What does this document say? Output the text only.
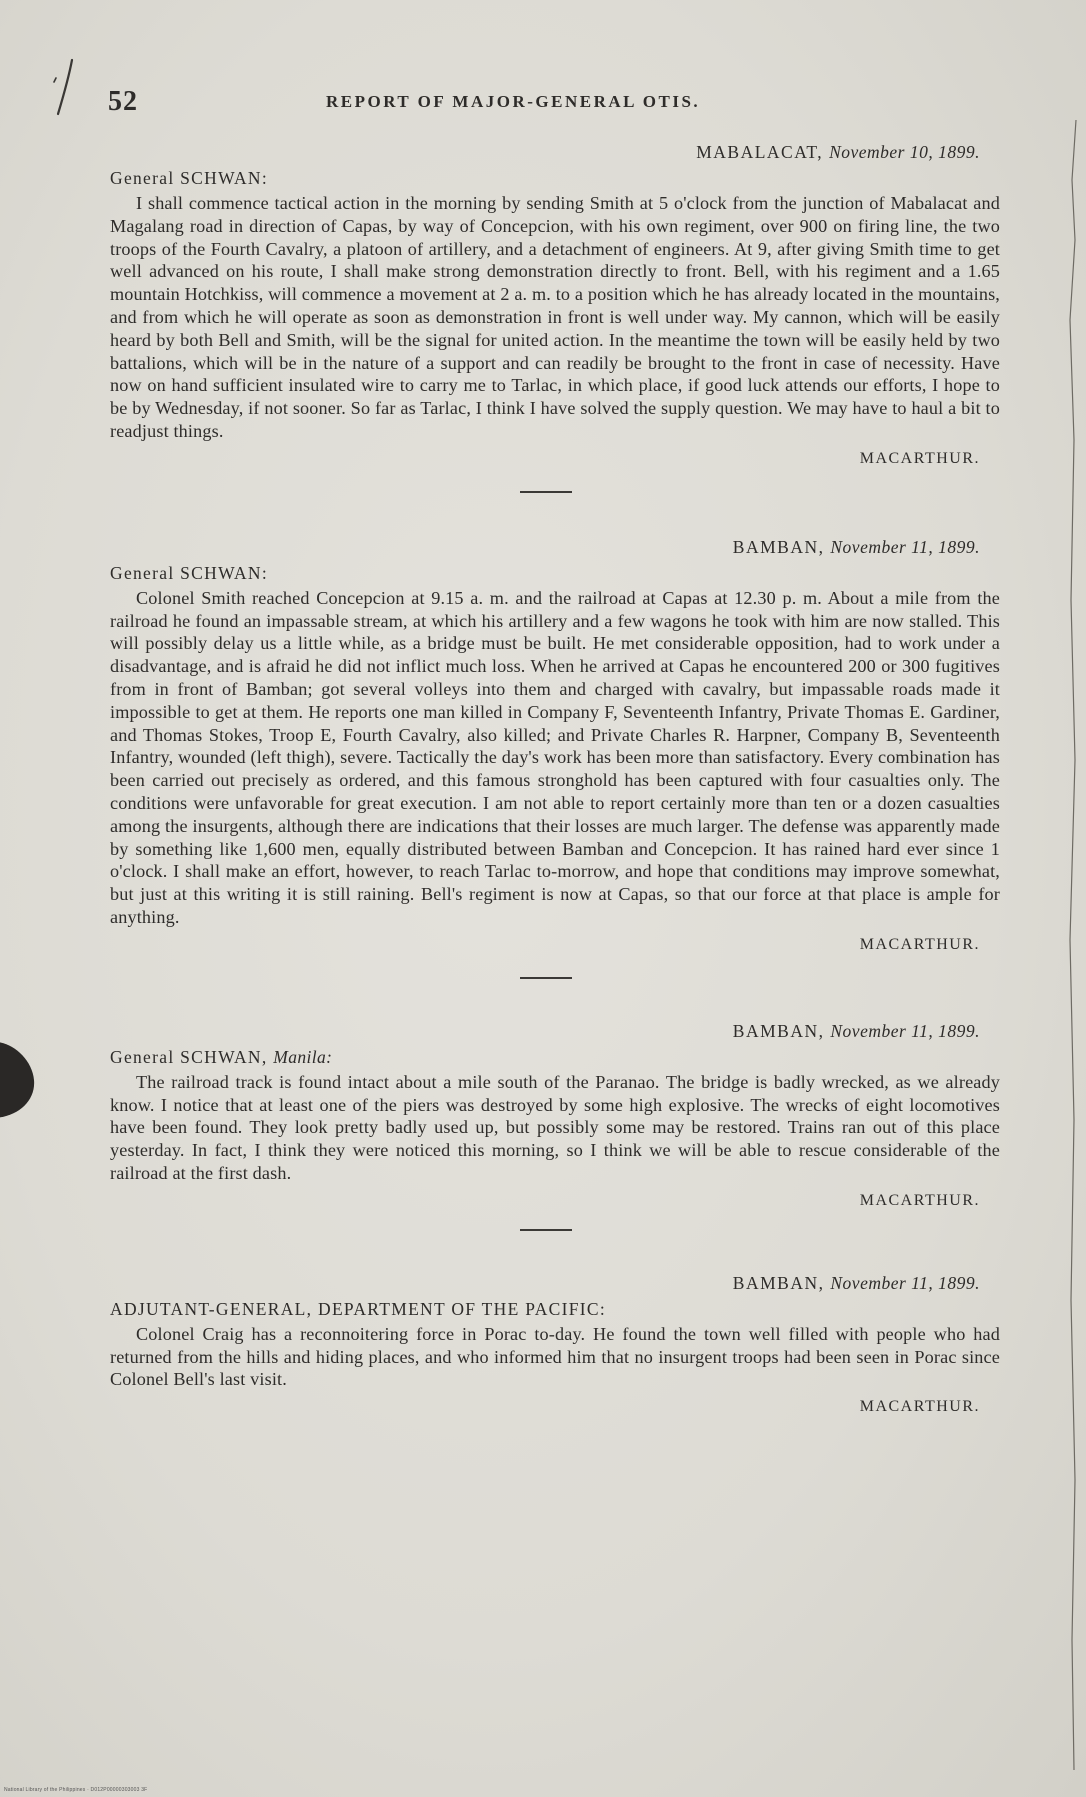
52	REPORT OF MAJOR-GENERAL OTIS.
MABALACAT, November 10, 1899.
General SCHWAN:

I shall commence tactical action in the morning by sending Smith at 5 o'clock from the junction of Mabalacat and Magalang road in direction of Capas, by way of Concepcion, with his own regiment, over 900 on firing line, the two troops of the Fourth Cavalry, a platoon of artillery, and a detachment of engineers. At 9, after giving Smith time to get well advanced on his route, I shall make strong demonstration directly to front. Bell, with his regiment and a 1.65 mountain Hotchkiss, will commence a movement at 2 a. m. to a position which he has already located in the mountains, and from which he will operate as soon as demonstration in front is well under way. My cannon, which will be easily heard by both Bell and Smith, will be the signal for united action. In the meantime the town will be easily held by two battalions, which will be in the nature of a support and can readily be brought to the front in case of necessity. Have now on hand sufficient insulated wire to carry me to Tarlac, in which place, if good luck attends our efforts, I hope to be by Wednesday, if not sooner. So far as Tarlac, I think I have solved the supply question. We may have to haul a bit to readjust things.

MACARTHUR.
BAMBAN, November 11, 1899.
General SCHWAN:

Colonel Smith reached Concepcion at 9.15 a. m. and the railroad at Capas at 12.30 p. m. About a mile from the railroad he found an impassable stream, at which his artillery and a few wagons he took with him are now stalled. This will possibly delay us a little while, as a bridge must be built. He met considerable opposition, had to work under a disadvantage, and is afraid he did not inflict much loss. When he arrived at Capas he encountered 200 or 300 fugitives from in front of Bamban; got several volleys into them and charged with cavalry, but impassable roads made it impossible to get at them. He reports one man killed in Company F, Seventeenth Infantry, Private Thomas E. Gardiner, and Thomas Stokes, Troop E, Fourth Cavalry, also killed; and Private Charles R. Harpner, Company B, Seventeenth Infantry, wounded (left thigh), severe. Tactically the day's work has been more than satisfactory. Every combination has been carried out precisely as ordered, and this famous stronghold has been captured with four casualties only. The conditions were unfavorable for great execution. I am not able to report certainly more than ten or a dozen casualties among the insurgents, although there are indications that their losses are much larger. The defense was apparently made by something like 1,600 men, equally distributed between Bamban and Concepcion. It has rained hard ever since 1 o'clock. I shall make an effort, however, to reach Tarlac to-morrow, and hope that conditions may improve somewhat, but just at this writing it is still raining. Bell's regiment is now at Capas, so that our force at that place is ample for anything.

MACARTHUR.
BAMBAN, November 11, 1899.
General SCHWAN, Manila:

The railroad track is found intact about a mile south of the Paranao. The bridge is badly wrecked, as we already know. I notice that at least one of the piers was destroyed by some high explosive. The wrecks of eight locomotives have been found. They look pretty badly used up, but possibly some may be restored. Trains ran out of this place yesterday. In fact, I think they were noticed this morning, so I think we will be able to rescue considerable of the railroad at the first dash.

MACARTHUR.
BAMBAN, November 11, 1899.
ADJUTANT-GENERAL, DEPARTMENT OF THE PACIFIC:

Colonel Craig has a reconnoitering force in Porac to-day. He found the town well filled with people who had returned from the hills and hiding places, and who informed him that no insurgent troops had been seen in Porac since Colonel Bell's last visit.

MACARTHUR.
National Library of the Philippines · D012P00000303003 3F
